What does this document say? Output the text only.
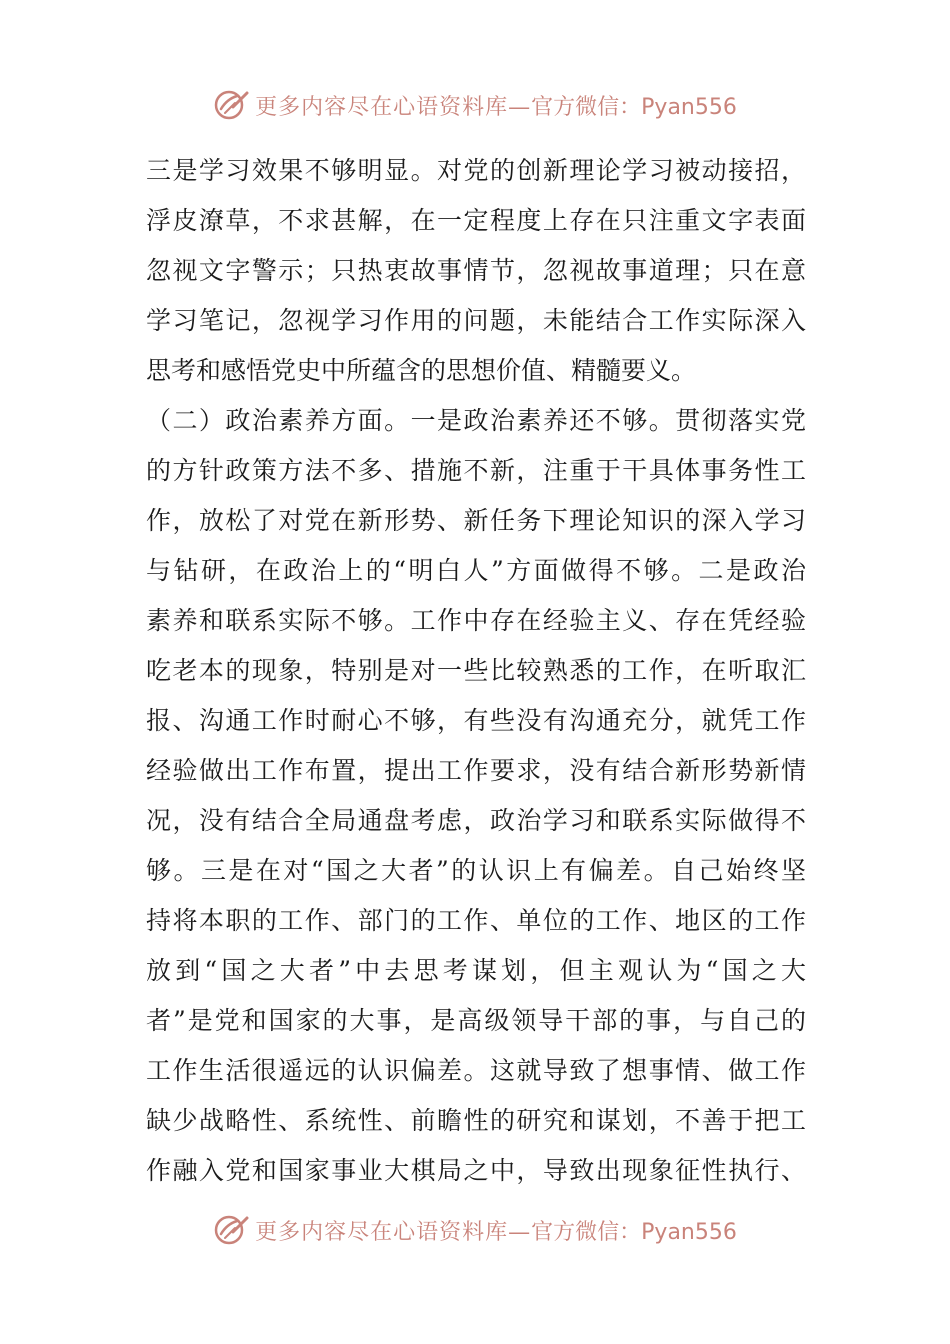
更多内容尽在心语资料库— 官方微信：Pyan556
三是学习效果不够明显。对党的创新理论学习被动接招，
浮皮潦草，不求甚解，在一定程度上存在只注重文字表面
忽视文字警示；只热衷故事情节，忽视故事道理；只在意
学习笔记，忽视学习作用的问题，未能结合工作实际深入
思考和感悟党史中所蕴含的思想价值、精髓要义。
（二）政治素养方面。一是政治素养还不够。贯彻落实党
的方针政策方法不多、措施不新，注重于干具体事务性工
作，放松了对党在新形势、新任务下理论知识的深入学习
与钻研，在政治上的“明白人”方面做得不够。二是政治
素养和联系实际不够。工作中存在经验主义、存在凭经验
吃老本的现象，特别是对一些比较熟悉的工作，在听取汇
报、沟通工作时耐心不够，有些没有沟通充分，就凭工作
经验做出工作布置，提出工作要求，没有结合新形势新情
况，没有结合全局通盘考虑，政治学习和联系实际做得不
够。三是在对“国之大者”的认识上有偏差。自己始终坚
持将本职的工作、部门的工作、单位的工作、地区的工作
放到“国之大者”中去思考谋划，但主观认为“国之大
者”是党和国家的大事，是高级领导干部的事，与自己的
工作生活很遥远的认识偏差。这就导致了想事情、做工作
缺少战略性、系统性、前瞻性的研究和谋划，不善于把工
作融入党和国家事业大棋局之中，导致出现象征性执行、
更多内容尽在心语资料库— 官方微信：Pyan556
